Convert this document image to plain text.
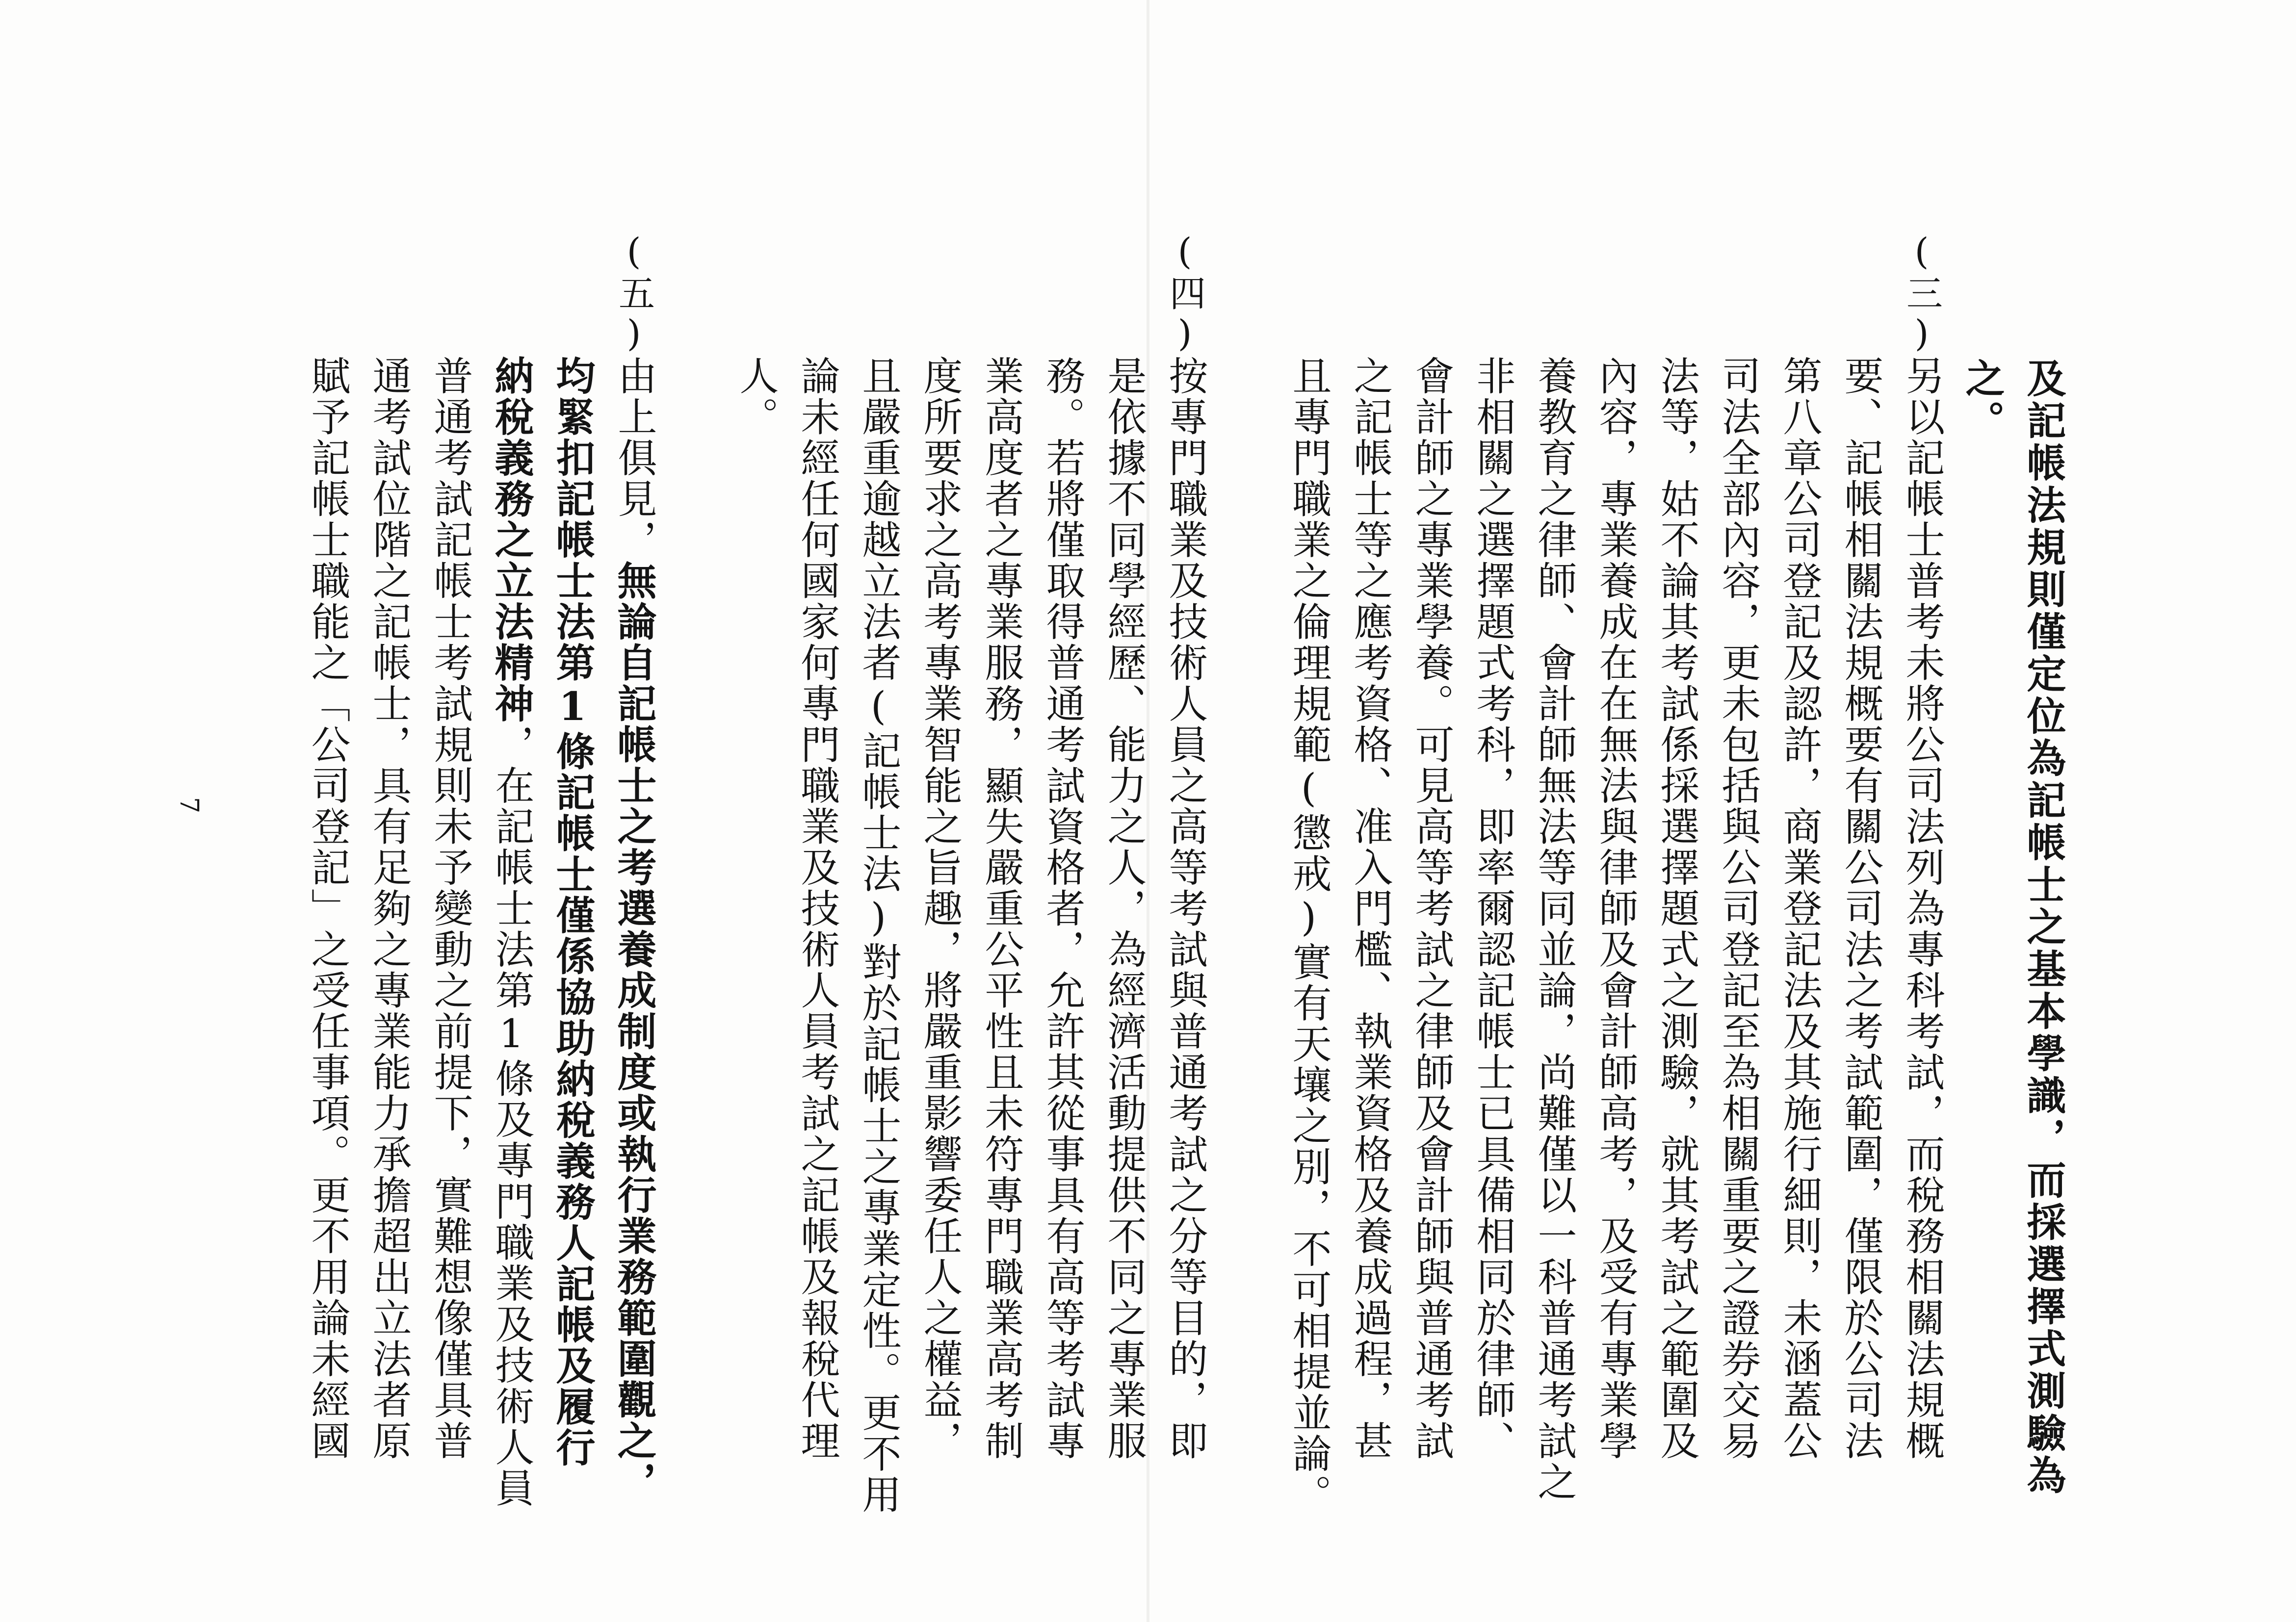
及記帳法規則僅定位為記帳士之基本學識，而採選擇式測驗為
之。
(三)
另以記帳士普考未將公司法列為專科考試，而稅務相關法規概
要、記帳相關法規概要有關公司法之考試範圍，僅限於公司法
第八章公司登記及認許，商業登記法及其施行細則，未涵蓋公
司法全部內容，更未包括與公司登記至為相關重要之證券交易
法等，姑不論其考試係採選擇題式之測驗，就其考試之範圍及
內容，專業養成在在無法與律師及會計師高考，及受有專業學
養教育之律師、會計師無法等同並論，尚難僅以一科普通考試之
非相關之選擇題式考科，即率爾認記帳士已具備相同於律師、
會計師之專業學養。可見高等考試之律師及會計師與普通考試
之記帳士等之應考資格、准入門檻、執業資格及養成過程，甚
且專門職業之倫理規範(懲戒)實有天壤之別，不可相提並論。
(四)
按專門職業及技術人員之高等考試與普通考試之分等目的，即
是依據不同學經歷、能力之人，為經濟活動提供不同之專業服
務。若將僅取得普通考試資格者，允許其從事具有高等考試專
業高度者之專業服務，顯失嚴重公平性且未符專門職業高考制
度所要求之高考專業智能之旨趣，將嚴重影響委任人之權益，
且嚴重逾越立法者(記帳士法)對於記帳士之專業定性。更不用
論未經任何國家何專門職業及技術人員考試之記帳及報稅代理
人。
(五)
由上俱見，無論自記帳士之考選養成制度或執行業務範圍觀之，
均緊扣記帳士法第1條記帳士僅係協助納稅義務人記帳及履行
納稅義務之立法精神，在記帳士法第1條及專門職業及技術人員
普通考試記帳士考試規則未予變動之前提下，實難想像僅具普
通考試位階之記帳士，具有足夠之專業能力承擔超出立法者原
賦予記帳士職能之「公司登記」之受任事項。更不用論未經國
7
